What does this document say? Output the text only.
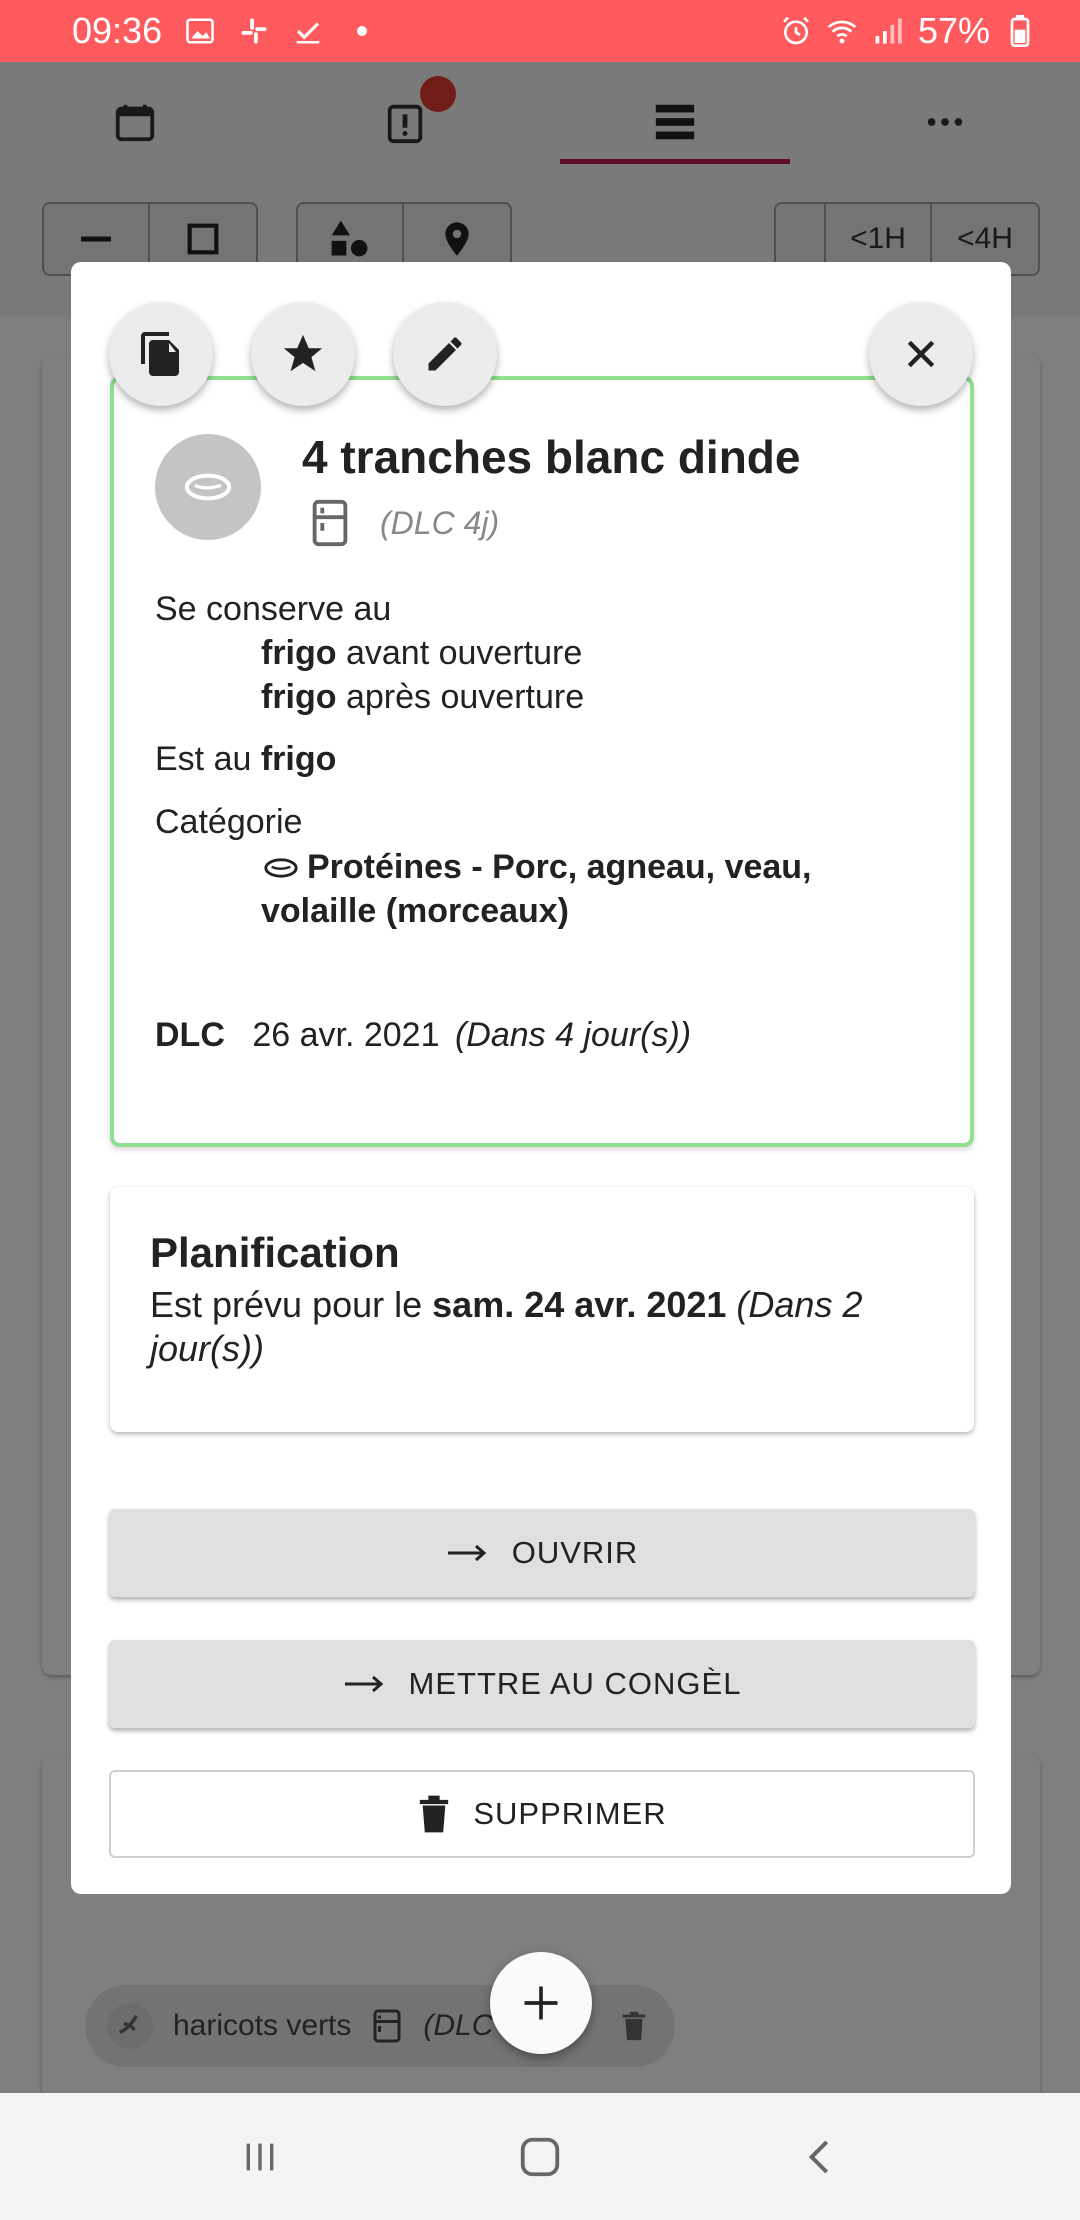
09:36	57%
4 tranches blanc dinde
(DLC 4j)
Se conserve au
frigo avant ouverture
frigo après ouverture
Est au frigo
Catégorie
Protéines - Porc, agneau, veau,
volaille (morceaux)
DLC 26 avr. 2021 (Dans 4 jour(s))
Planification
Est prévu pour le sam. 24 avr. 2021 (Dans 2 jour(s))
OUVRIR
METTRE AU CONGÈL
SUPPRIMER
